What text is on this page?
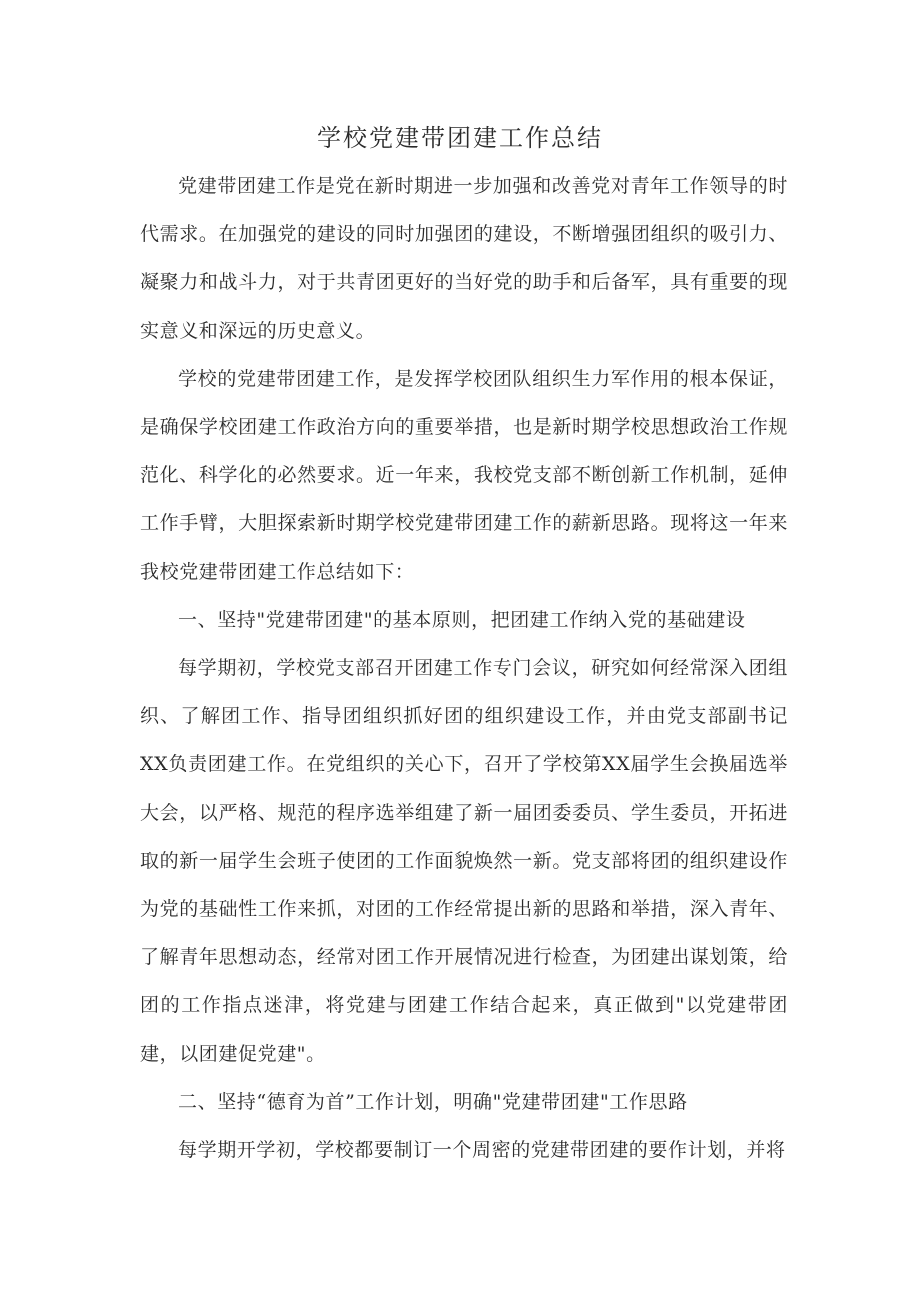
学校党建带团建工作总结

党建带团建工作是党在新时期进一步加强和改善党对青年工作领导的时代需求。在加强党的建设的同时加强团的建设，不断增强团组织的吸引力、凝聚力和战斗力，对于共青团更好的当好党的助手和后备军，具有重要的现实意义和深远的历史意义。

学校的党建带团建工作，是发挥学校团队组织生力军作用的根本保证，是确保学校团建工作政治方向的重要举措，也是新时期学校思想政治工作规范化、科学化的必然要求。近一年来，我校党支部不断创新工作机制，延伸工作手臂，大胆探索新时期学校党建带团建工作的薪新思路。现将这一年来我校党建带团建工作总结如下：

一、坚持"党建带团建"的基本原则，把团建工作纳入党的基础建设

每学期初，学校党支部召开团建工作专门会议，研究如何经常深入团组织、了解团工作、指导团组织抓好团的组织建设工作，并由党支部副书记XX负责团建工作。在党组织的关心下，召开了学校第XX届学生会换届选举大会，以严格、规范的程序选举组建了新一届团委委员、学生委员，开拓进取的新一届学生会班子使团的工作面貌焕然一新。党支部将团的组织建设作为党的基础性工作来抓，对团的工作经常提出新的思路和举措，深入青年、了解青年思想动态，经常对团工作开展情况进行检查，为团建出谋划策，给团的工作指点迷津，将党建与团建工作结合起来，真正做到"以党建带团建，以团建促党建"。

二、坚持“德育为首”工作计划，明确"党建带团建"工作思路

每学期开学初，学校都要制订一个周密的党建带团建的要作计划，并将
